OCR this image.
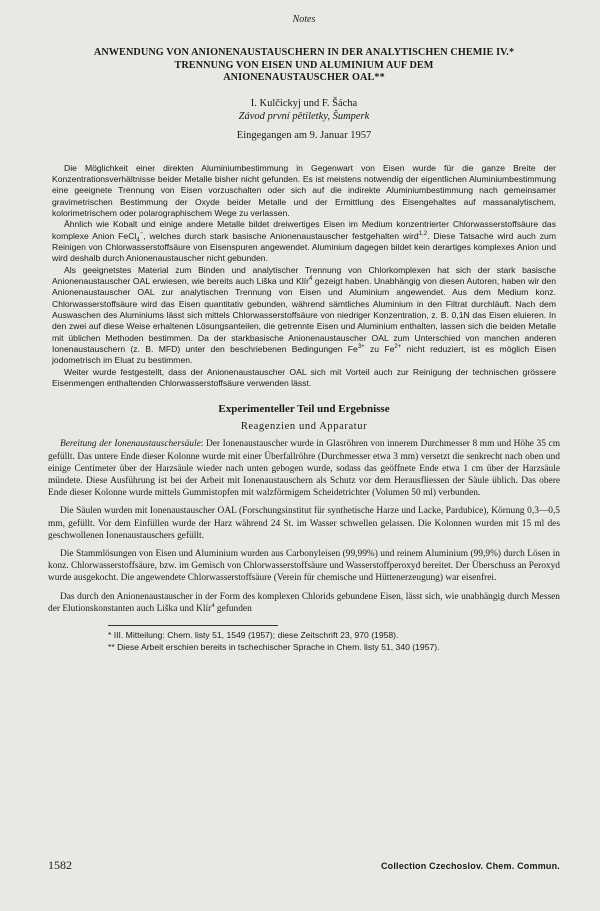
Notes
ANWENDUNG VON ANIONENAUSTAUSCHERN IN DER ANALYTISCHEN CHEMIE IV.*
TRENNUNG VON EISEN UND ALUMINIUM AUF DEM
ANIONENAUSTAUSCHER OAL**
I. Kulčickyj und F. Šácha
Závod první pětiletky, Šumperk
Eingegangen am 9. Januar 1957

Die Möglichkeit einer direkten Aluminiumbestimmung in Gegenwart von Eisen wurde für die ganze Breite der Konzentrationsverhältnisse beider Metalle bisher nicht gefunden. Es ist meistens notwendig der eigentlichen Aluminiumbestimmung eine geeignete Trennung von Eisen vorzuschalten oder sich auf die indirekte Aluminiumbestimmung nach gemeinsamer gravimetrischen Bestimmung der Oxyde beider Metalle und der Ermittlung des Eisengehaltes auf massanalytischem, kolorimetrischem oder polarographischem Wege zu verlassen.

Ähnlich wie Kobalt und einige andere Metalle bildet dreiwertiges Eisen im Medium konzentrierter Chlorwasserstoffsäure das komplexe Anion FeCl$_4$−, welches durch stark basische Anionenaustauscher festgehalten wird$^{1,2}$. Diese Tatsache wird auch zum Reinigen von Chlorwasserstoffsäure von Eisenspuren angewendet. Aluminium dagegen bildet kein derartiges komplexes Anion und wird deshalb durch Anionenaustauscher nicht gebunden.

Als geeignetstes Material zum Binden und analytischer Trennung von Chlorkomplexen hat sich der stark basische Anionenaustauscher OAL erwiesen, wie bereits auch Liška und Klír$^4$ gezeigt haben. Unabhängig von diesen Autoren, haben wir den Anionenaustauscher OAL zur analytischen Trennung von Eisen und Aluminium angewendet. Aus dem Medium konz. Chlorwasserstoffsäure wird das Eisen quantitativ gebunden, während sämtliches Aluminium in den Filtrat durchläuft. Nach dem Auswaschen des Aluminiums lässt sich mittels Chlorwasserstoffsäure von niedriger Konzentration, z. B. 0,1N das Eisen eluieren. In den zwei auf diese Weise erhaltenen Lösungsanteilen, die getrennte Eisen und Aluminium enthalten, lassen sich die beiden Metalle mit üblichen Methoden bestimmen. Da der starkbasische Anionenaustauscher OAL zum Unterschied von manchen anderen Ionenaustauschern (z. B. MFD) unter den beschriebenen Bedingungen $Fe^{3+}$ zu $Fe^{2+}$ nicht reduziert, ist es möglich Eisen jodometrisch im Eluat zu bestimmen.

Weiter wurde festgestellt, dass der Anionenaustauscher OAL sich mit Vorteil auch zur Reinigung der technischen grössere Eisenmengen enthaltenden Chlorwasserstoffsäure verwenden lässt.

Experimenteller Teil und Ergebnisse
Reagenzien und Apparatur

Bereitung der Ionenaustauschersäule: Der Ionenaustauscher wurde in Glasröhren von innerem Durchmesser 8 mm und Höhe 35 cm gefüllt. Das untere Ende dieser Kolonne wurde mit einer Überfallröhre (Durchmesser etwa 3 mm) versetzt die senkrecht nach oben und einige Centimeter über der Harzsäule wieder nach unten gebogen wurde, sodass das geöffnete Ende etwa 1 cm über der Harzsäule mündete. Diese Ausführung ist bei der Arbeit mit Ionenaustauschern als Schutz vor dem Herausfliessen der Säule üblich. Das obere Ende dieser Kolonne wurde mittels Gummistopfen mit walzförmigem Scheidetrichter (Volumen 50 ml) verbunden.

Die Säulen wurden mit Ionenaustauscher OAL (Forschungsinstitut für synthetische Harze und Lacke, Pardubice), Körnung 0,3—0,5 mm, gefüllt. Vor dem Einfüllen wurde der Harz während 24 St. im Wasser schwellen gelassen. Die Kolonnen wurden mit 15 ml des geschwollenen Ionenaustauschers gefüllt.

Die Stammlösungen von Eisen und Aluminium wurden aus Carbonyleisen (99,99%) und reinem Aluminium (99,9%) durch Lösen in konz. Chlorwasserstoffsäure, bzw. im Gemisch von Chlorwasserstoffsäure und Wasserstoffperoxyd bereitet. Der Überschuss an Peroxyd wurde ausgekocht. Die angewendete Chlorwasserstoffsäure (Verein für chemische und Hüttenerzeugung) war eisenfrei.

Das durch den Anionenaustauscher in der Form des komplexen Chlorids gebundene Eisen, lässt sich, wie unabhängig durch Messen der Elutionskonstanten auch Liška und Klír$^4$ gefunden

* III. Mitteilung: Chem. listy 51, 1549 (1957); diese Zeitschrift 23, 970 (1958).
** Diese Arbeit erschien bereits in tschechischer Sprache in Chem. listy 51, 340 (1957).
1582	Collection Czechoslov. Chem. Commun.
